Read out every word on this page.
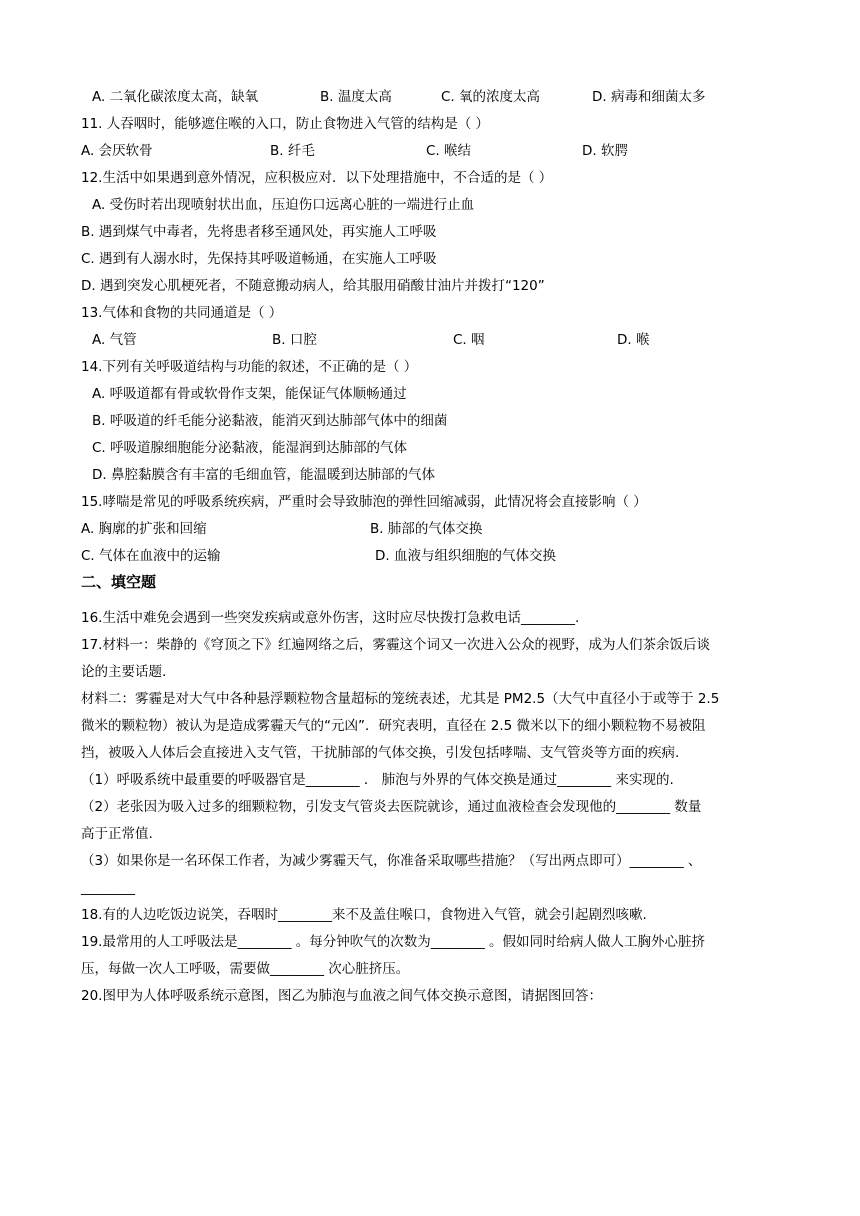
A. 二氧化碳浓度太高，缺氧	B. 温度太高	C. 氧的浓度太高	D. 病毒和细菌太多
11. 人吞咽时，能够遮住喉的入口，防止食物进入气管的结构是（ ）
A. 会厌软骨	B. 纤毛	C. 喉结	D. 软腭
12.生活中如果遇到意外情况，应积极应对．以下处理措施中，不合适的是（ ）
A. 受伤时若出现喷射状出血，压迫伤口远离心脏的一端进行止血
B. 遇到煤气中毒者，先将患者移至通风处，再实施人工呼吸
C. 遇到有人溺水时，先保持其呼吸道畅通，在实施人工呼吸
D. 遇到突发心肌梗死者，不随意搬动病人，给其服用硝酸甘油片并拨打“120”
13.气体和食物的共同通道是（ ）
A. 气管	B. 口腔	C. 咽	D. 喉
14.下列有关呼吸道结构与功能的叙述，不正确的是（ ）
A. 呼吸道都有骨或软骨作支架，能保证气体顺畅通过
B. 呼吸道的纤毛能分泌黏液，能消灭到达肺部气体中的细菌
C. 呼吸道腺细胞能分泌黏液，能湿润到达肺部的气体
D. 鼻腔黏膜含有丰富的毛细血管，能温暖到达肺部的气体
15.哮喘是常见的呼吸系统疾病，严重时会导致肺泡的弹性回缩减弱，此情况将会直接影响（ ）
A. 胸廓的扩张和回缩	B. 肺部的气体交换
C. 气体在血液中的运输	D. 血液与组织细胞的气体交换
二、填空题
16.生活中难免会遇到一些突发疾病或意外伤害，这时应尽快拨打急救电话________.
17.材料一：柴静的《穹顶之下》红遍网络之后，雾霾这个词又一次进入公众的视野，成为人们茶余饭后谈
论的主要话题.
材料二：雾霾是对大气中各种悬浮颗粒物含量超标的笼统表述，尤其是 PM2.5（大气中直径小于或等于 2.5
微米的颗粒物）被认为是造成雾霾天气的“元凶”．研究表明，直径在 2.5 微米以下的细小颗粒物不易被阻
挡，被吸入人体后会直接进入支气管，干扰肺部的气体交换，引发包括哮喘、支气管炎等方面的疾病.
（1）呼吸系统中最重要的呼吸器官是________ ． 肺泡与外界的气体交换是通过________ 来实现的.
（2）老张因为吸入过多的细颗粒物，引发支气管炎去医院就诊，通过血液检查会发现他的________ 数量
高于正常值.
（3）如果你是一名环保工作者，为减少雾霾天气，你准备采取哪些措施？（写出两点即可）________ 、
________
18.有的人边吃饭边说笑，吞咽时________来不及盖住喉口，食物进入气管，就会引起剧烈咳嗽.
19.最常用的人工呼吸法是________ 。每分钟吹气的次数为________ 。假如同时给病人做人工胸外心脏挤
压，每做一次人工呼吸，需要做________ 次心脏挤压。
20.图甲为人体呼吸系统示意图，图乙为肺泡与血液之间气体交换示意图，请据图回答：
